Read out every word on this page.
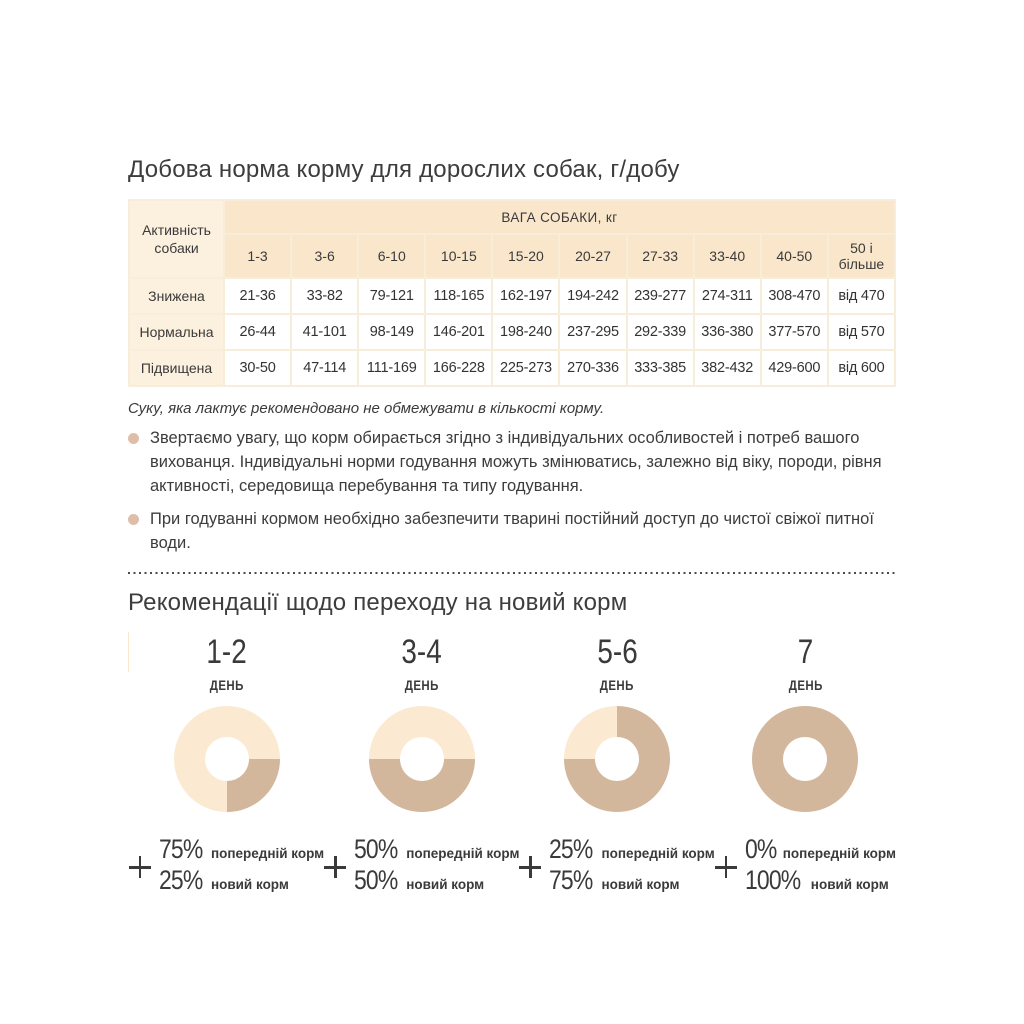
Добова норма корму для дорослих собак, г/добу
Активність собаки	ВАГА СОБАКИ, кг									
	1-3	3-6	6-10	10-15	15-20	20-27	27-33	33-40	40-50	50 і більше
Знижена	21-36	33-82	79-121	118-165	162-197	194-242	239-277	274-311	308-470	від 470
Нормальна	26-44	41-101	98-149	146-201	198-240	237-295	292-339	336-380	377-570	від 570
Підвищена	30-50	47-114	111-169	166-228	225-273	270-336	333-385	382-432	429-600	від 600
Суку, яка лактує рекомендовано не обмежувати в кількості корму.
Звертаємо увагу, що корм обирається згідно з індивідуальних особливостей і потреб вашого вихованця. Індивідуальні норми годування можуть змінюватись, залежно від віку, породи, рівня активності, середовища перебування та типу годування.
При годуванні кормом необхідно забезпечити тварині постійний доступ до чистої свіжої питної води.
Рекомендації щодо переходу на новий корм
1-2
ДЕНЬ
75% попередній корм
25% новий корм
3-4
ДЕНЬ
50% попередній корм
50% новий корм
5-6
ДЕНЬ
25% попередній корм
75% новий корм
7
ДЕНЬ
0% попередній корм
100% новий корм
